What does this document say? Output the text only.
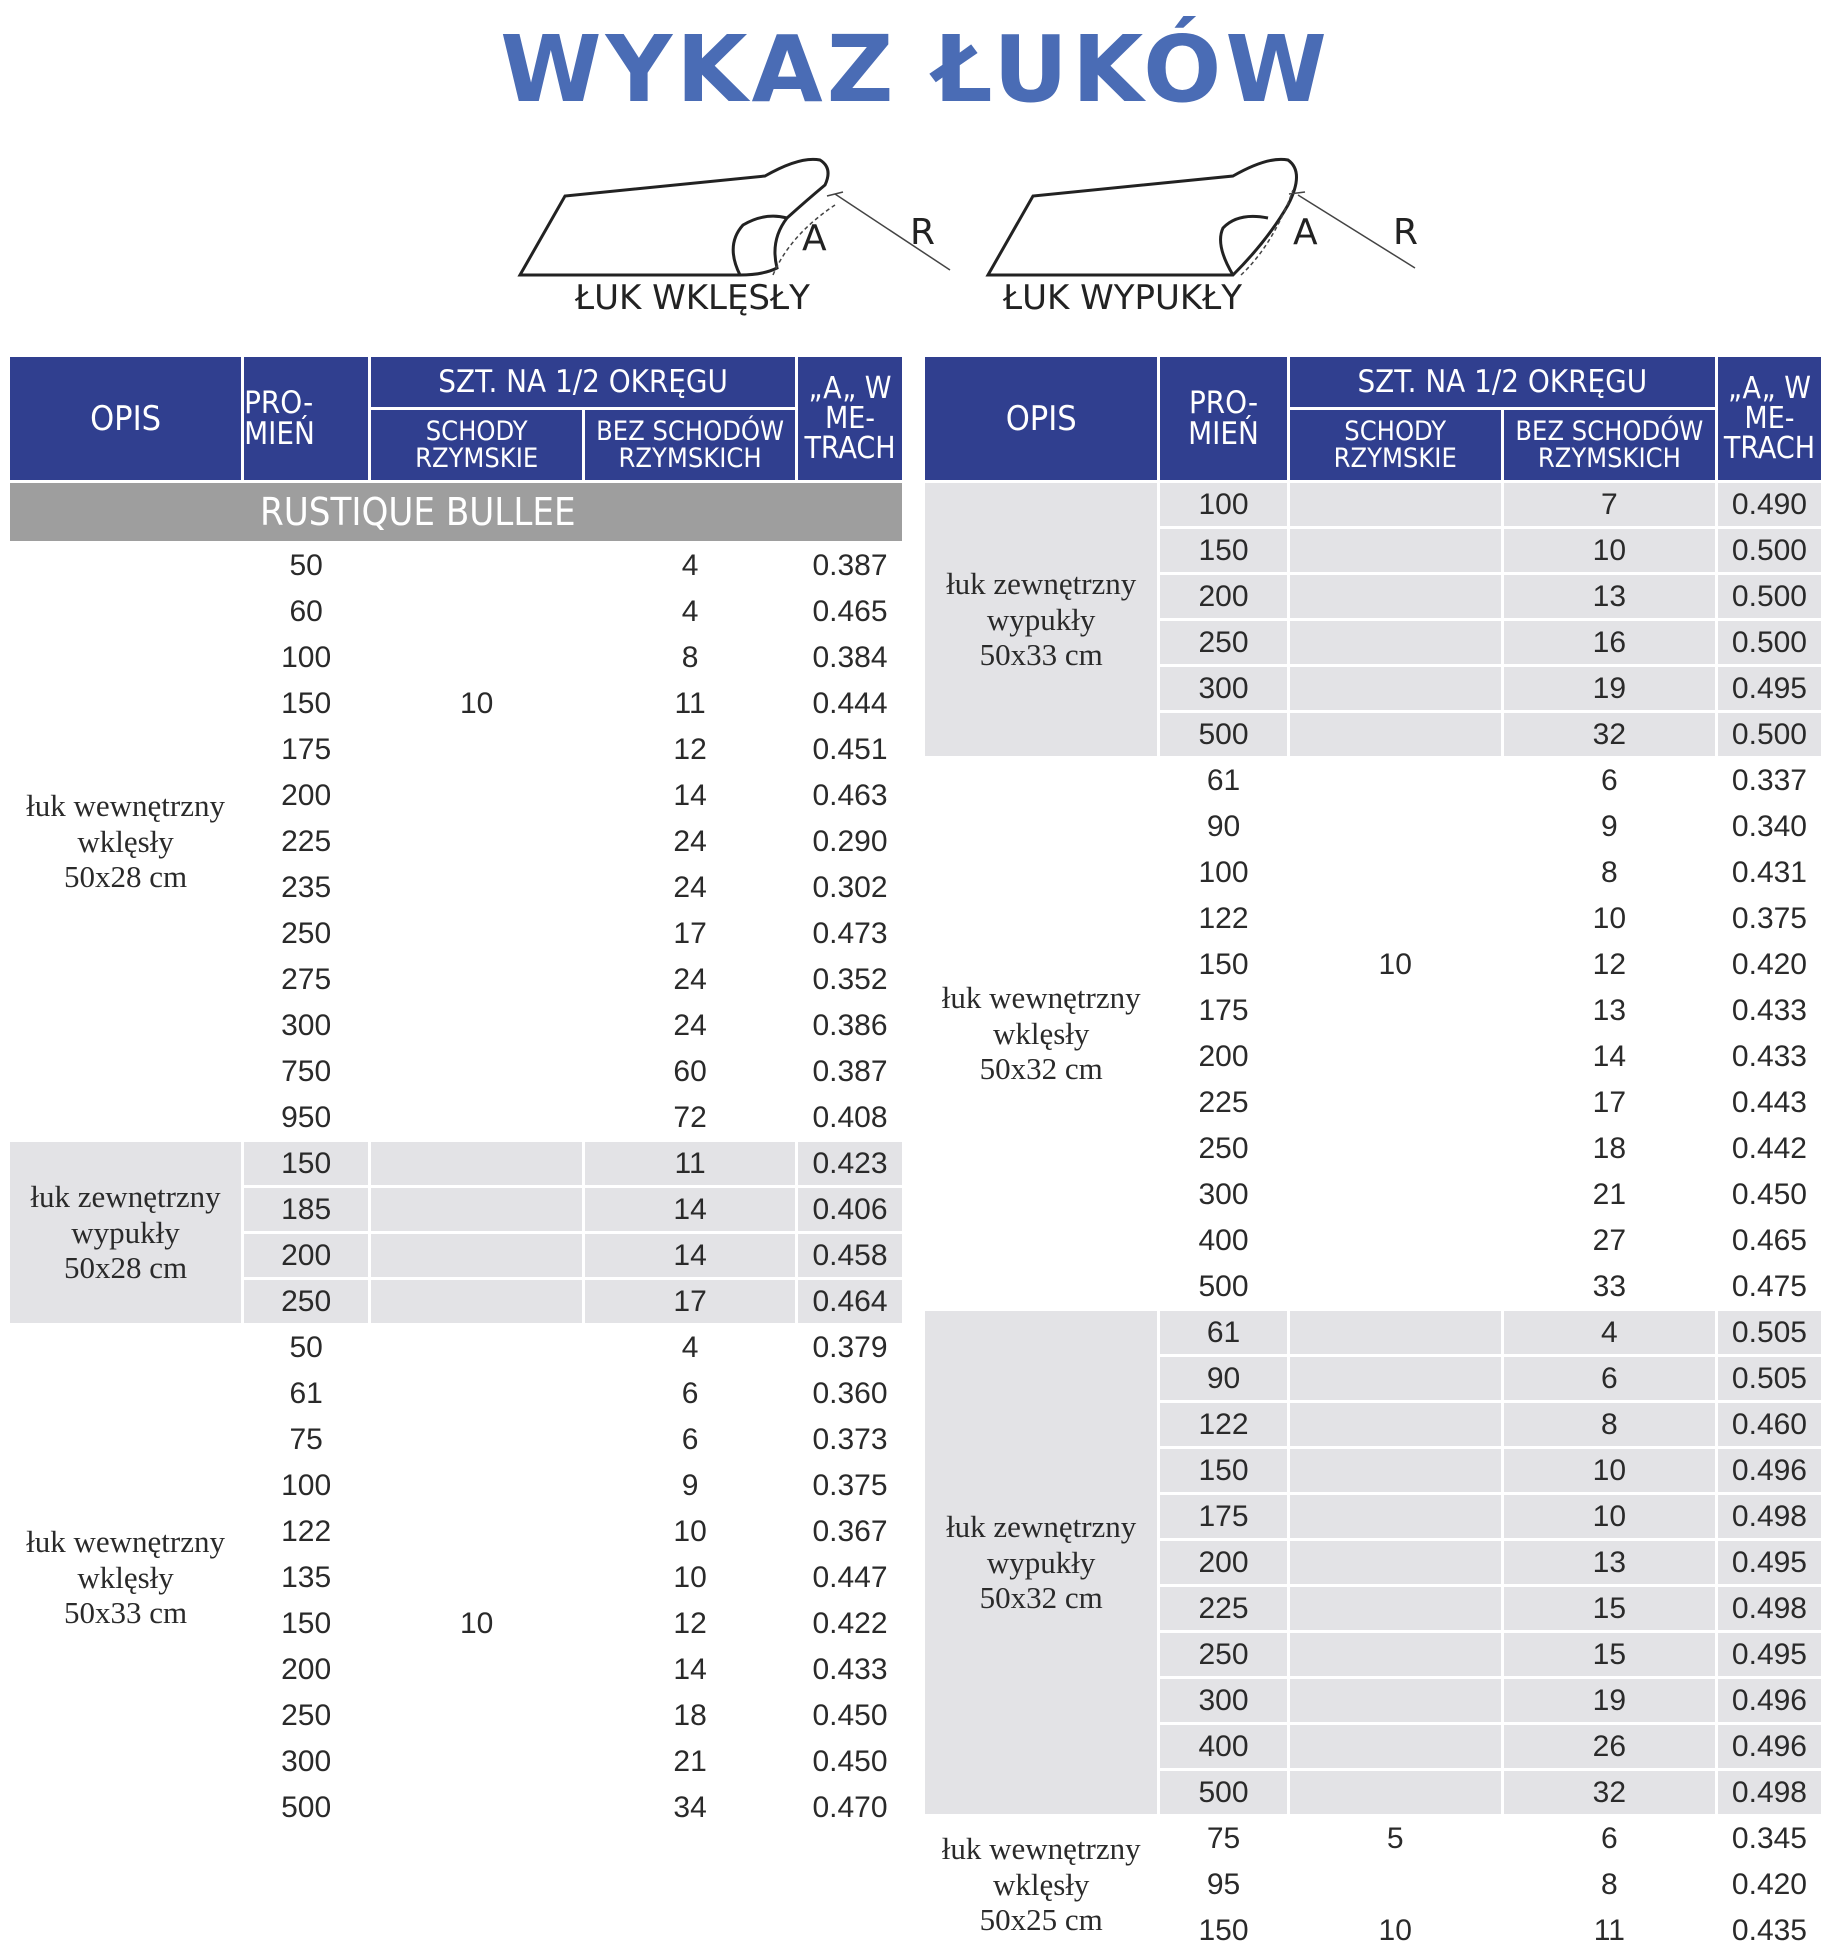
WYKAZ ŁUKÓW
A R
ŁUK WKLĘSŁY
A R
ŁUK WYPUKŁY
OPIS	PRO-
MIEŃ	SZT. NA 1/2 OKRĘGU		„A„ W
ME-
TRACH
		SCHODY
RZYMSKIE	BEZ SCHODÓW
RZYMSKICH	
RUSTIQUE BULLEE				
łuk wewnętrzny
wklęsły
50x28 cm	50		4	0.387
	60		4	0.465
	100		8	0.384
	150	10	11	0.444
	175		12	0.451
	200		14	0.463
	225		24	0.290
	235		24	0.302
	250		17	0.473
	275		24	0.352
	300		24	0.386
	750		60	0.387
	950		72	0.408
łuk zewnętrzny
wypukły
50x28 cm	150		11	0.423
	185		14	0.406
	200		14	0.458
	250		17	0.464
łuk wewnętrzny
wklęsły
50x33 cm	50		4	0.379
	61		6	0.360
	75		6	0.373
	100		9	0.375
	122		10	0.367
	135		10	0.447
	150	10	12	0.422
	200		14	0.433
	250		18	0.450
	300		21	0.450
	500		34	0.470
OPIS	PRO-
MIEŃ	SZT. NA 1/2 OKRĘGU		„A„ W
ME-
TRACH
		SCHODY
RZYMSKIE	BEZ SCHODÓW
RZYMSKICH	
łuk zewnętrzny
wypukły
50x33 cm	100		7	0.490
	150		10	0.500
	200		13	0.500
	250		16	0.500
	300		19	0.495
	500		32	0.500
łuk wewnętrzny
wklęsły
50x32 cm	61		6	0.337
	90		9	0.340
	100		8	0.431
	122		10	0.375
	150	10	12	0.420
	175		13	0.433
	200		14	0.433
	225		17	0.443
	250		18	0.442
	300		21	0.450
	400		27	0.465
	500		33	0.475
łuk zewnętrzny
wypukły
50x32 cm	61		4	0.505
	90		6	0.505
	122		8	0.460
	150		10	0.496
	175		10	0.498
	200		13	0.495
	225		15	0.498
	250		15	0.495
	300		19	0.496
	400		26	0.496
	500		32	0.498
łuk wewnętrzny
wklęsły
50x25 cm	75	5	6	0.345
	95		8	0.420
	150	10	11	0.435
